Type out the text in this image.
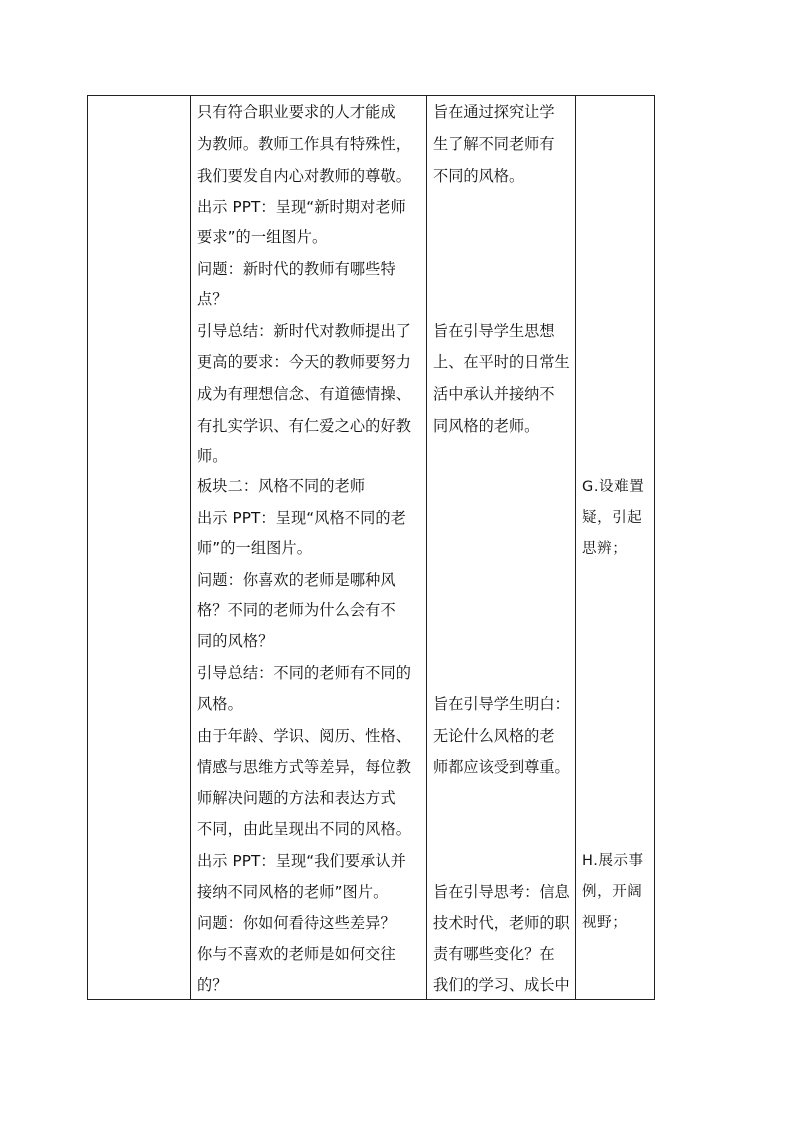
只有符合职业要求的人才能成
为教师。教师工作具有特殊性，
我们要发自内心对教师的尊敬。
出示 PPT：呈现“新时期对老师
要求”的一组图片。
问题：新时代的教师有哪些特
点？
引导总结：新时代对教师提出了
更高的要求：今天的教师要努力
成为有理想信念、有道德情操、
有扎实学识、有仁爱之心的好教
师。
板块二：风格不同的老师
出示 PPT：呈现“风格不同的老
师”的一组图片。
问题：你喜欢的老师是哪种风
格？不同的老师为什么会有不
同的风格？
引导总结：不同的老师有不同的
风格。
由于年龄、学识、阅历、性格、
情感与思维方式等差异，每位教
师解决问题的方法和表达方式
不同，由此呈现出不同的风格。
出示 PPT：呈现“我们要承认并
接纳不同风格的老师”图片。
问题：你如何看待这些差异？
你与不喜欢的老师是如何交往
的？
旨在通过探究让学
生了解不同老师有
不同的风格。
旨在引导学生思想
上、在平时的日常生
活中承认并接纳不
同风格的老师。
旨在引导学生明白：
无论什么风格的老
师都应该受到尊重。
旨在引导思考：信息
技术时代，老师的职
责有哪些变化？在
我们的学习、成长中
G.设难置
疑，引起
思辨；
H.展示事
例，开阔
视野；
